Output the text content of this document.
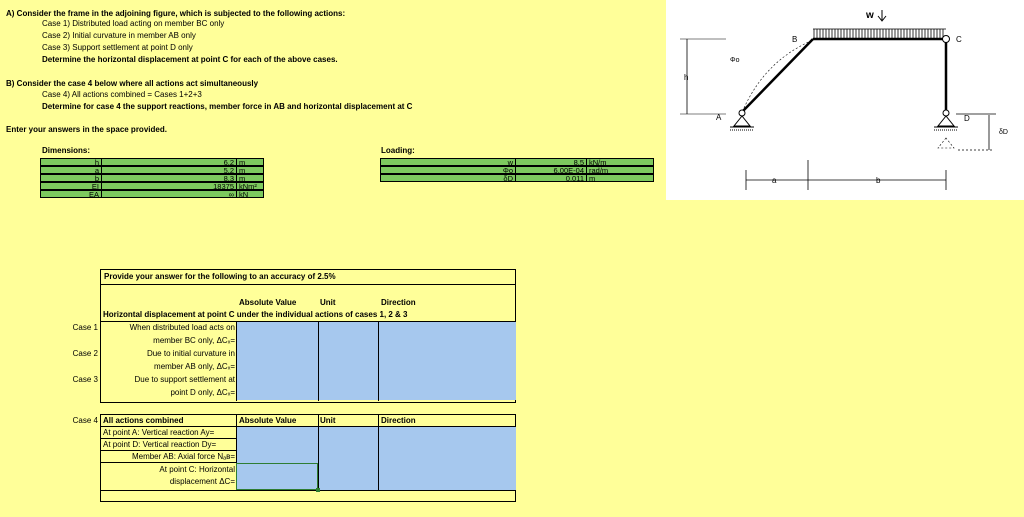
A) Consider the frame in the adjoining figure, which is subjected to the following actions:
Case 1) Distributed load acting on member BC only
Case 2) Initial curvature in member AB only
Case 3) Support settlement at point D only
Determine the horizontal displacement at point C for each of the above cases.
B) Consider the case 4 below where all actions act simultaneously
Case 4) All actions combined = Cases 1+2+3
Determine for case 4 the support reactions, member force in AB and horizontal displacement at C
Enter your answers in the space provided.
Dimensions:
h	6.2 m
a	5.2 m
b	8.3 m
EI	18375 kNm²
EA	∞ kN
Loading:
w	8.5 kN/m
Φo	6.00E-04 rad/m
δD	0.011 m
Provide your answer for the following to an accuracy of 2.5%
Absolute Value	Unit	Direction
Horizontal displacement at point C under the individual actions of cases 1, 2 & 3
Case 1	When distributed load acts on
member BC only, ΔCₓ=
Case 2	Due to initial curvature in
member AB only, ΔCₓ=
Case 3	Due to support settlement at
point D only, ΔCₓ=
Case 4 All actions combined	Absolute Value	Unit	Direction
At point A: Vertical reaction Ay=
At point D: Vertical reaction Dy=
Member AB: Axial force Nₐʙ=
At point C: Horizontal
displacement ΔC=
w
B	C
A	D
h
Φo
a	b
δD
